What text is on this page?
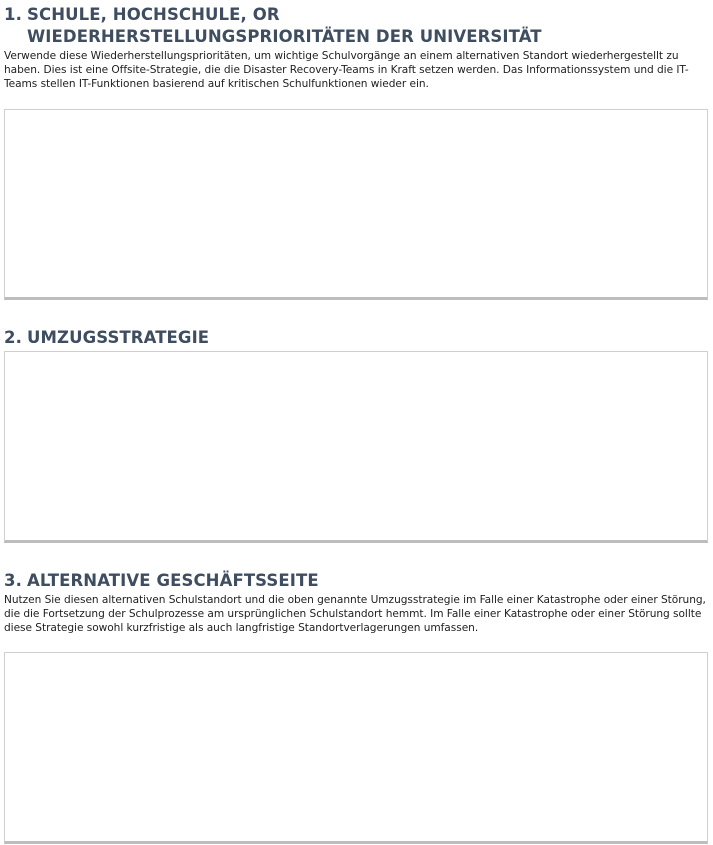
1. SCHULE, HOCHSCHULE, OR WIEDERHERSTELLUNGSPRIORITÄTEN DER UNIVERSITÄT
Verwende diese Wiederherstellungsprioritäten, um wichtige Schulvorgänge an einem alternativen Standort wiederhergestellt zu haben. Dies ist eine Offsite-Strategie, die die Disaster Recovery-Teams in Kraft setzen werden. Das Informationssystem und die IT-Teams stellen IT-Funktionen basierend auf kritischen Schulfunktionen wieder ein.
2. UMZUGSSTRATEGIE
3. ALTERNATIVE GESCHÄFTSSEITE
Nutzen Sie diesen alternativen Schulstandort und die oben genannte Umzugsstrategie im Falle einer Katastrophe oder einer Störung, die die Fortsetzung der Schulprozesse am ursprünglichen Schulstandort hemmt. Im Falle einer Katastrophe oder einer Störung sollte diese Strategie sowohl kurzfristige als auch langfristige Standortverlagerungen umfassen.
